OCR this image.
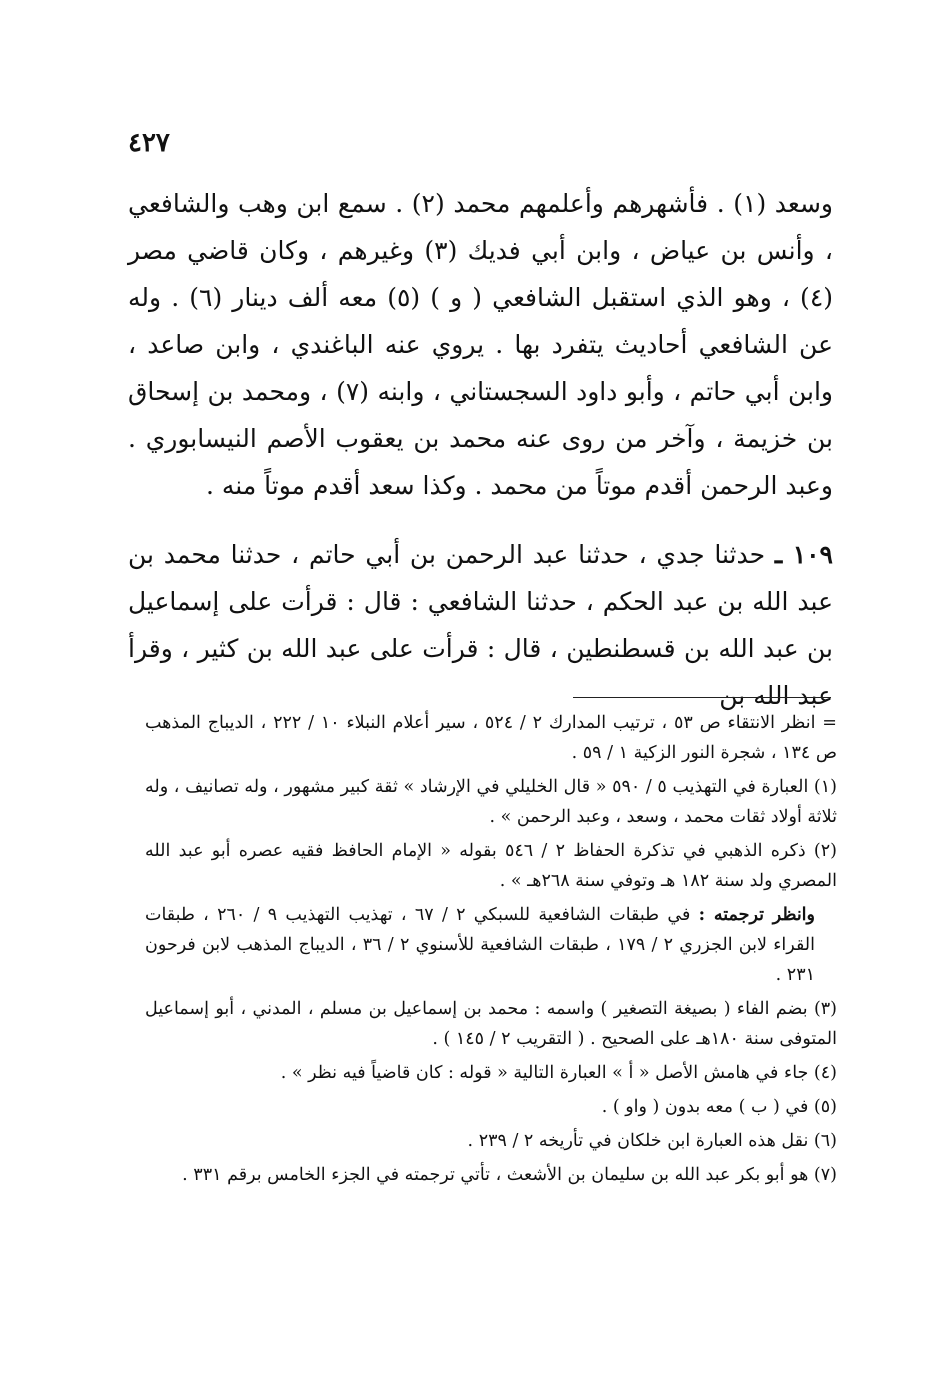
٤٢٧

وسعد (١) . فأشهرهم وأعلمهم محمد (٢) . سمع ابن وهب والشافعي ، وأنس بن عياض ، وابن أبي فديك (٣) وغيرهم ، وكان قاضي مصر (٤) ، وهو الذي استقبل الشافعي ( و ) (٥) معه ألف دينار (٦) . وله عن الشافعي أحاديث يتفرد بها . يروي عنه الباغندي ، وابن صاعد ، وابن أبي حاتم ، وأبو داود السجستاني ، وابنه (٧) ، ومحمد بن إسحاق بن خزيمة ، وآخر من روى عنه محمد بن يعقوب الأصم النيسابوري . وعبد الرحمن أقدم موتاً من محمد . وكذا سعد أقدم موتاً منه .

١٠٩ ـ حدثنا جدي ، حدثنا عبد الرحمن بن أبي حاتم ، حدثنا محمد بن عبد الله بن عبد الحكم ، حدثنا الشافعي : قال : قرأت على إسماعيل بن عبد الله بن قسطنطين ، قال : قرأت على عبد الله بن كثير ، وقرأ عبد الله بن

= انظر الانتقاء ص ٥٣ ، ترتيب المدارك ٢ / ٥٢٤ ، سير أعلام النبلاء ١٠ / ٢٢٢ ، الديباج المذهب ص ١٣٤ ، شجرة النور الزكية ١ / ٥٩ .

(١) العبارة في التهذيب ٥ / ٥٩٠ « قال الخليلي في الإرشاد » ثقة كبير مشهور ، وله تصانيف ، وله ثلاثة أولاد ثقات محمد ، وسعد ، وعبد الرحمن » .

(٢) ذكره الذهبي في تذكرة الحفاظ ٢ / ٥٤٦ بقوله « الإمام الحافظ فقيه عصره أبو عبد الله المصري ولد سنة ١٨٢ هـ وتوفي سنة ٢٦٨هـ » .

وانظر ترجمته : في طبقات الشافعية للسبكي ٢ / ٦٧ ، تهذيب التهذيب ٩ / ٢٦٠ ، طبقات القراء لابن الجزري ٢ / ١٧٩ ، طبقات الشافعية للأسنوي ٢ / ٣٦ ، الديباج المذهب لابن فرحون ٢٣١ .

(٣) بضم الفاء ( بصيغة التصغير ) واسمه : محمد بن إسماعيل بن مسلم ، المدني ، أبو إسماعيل المتوفى سنة ١٨٠هـ على الصحيح . ( التقريب ٢ / ١٤٥ ) .

(٤) جاء في هامش الأصل « أ » العبارة التالية « قوله : كان قاضياً فيه نظر » .

(٥) في ( ب ) معه بدون ( واو ) .

(٦) نقل هذه العبارة ابن خلكان في تأريخه ٢ / ٢٣٩ .

(٧) هو أبو بكر عبد الله بن سليمان بن الأشعث ، تأتي ترجمته في الجزء الخامس برقم ٣٣١ .
